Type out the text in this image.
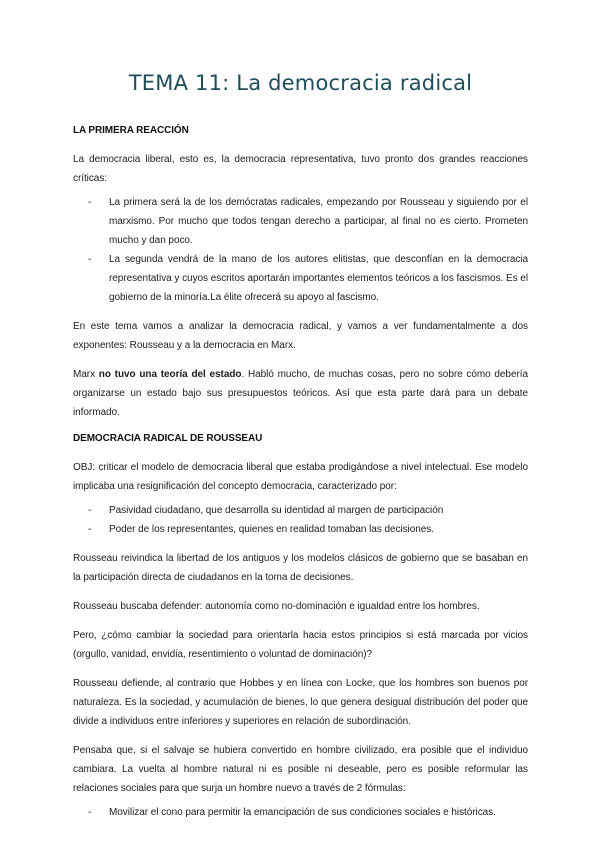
TEMA 11: La democracia radical
LA PRIMERA REACCIÓN

La democracia liberal, esto es, la democracia representativa, tuvo pronto dos grandes reacciones críticas:

- La primera será la de los demócratas radicales, empezando por Rousseau y siguiendo por el marxismo. Por mucho que todos tengan derecho a participar, al final no es cierto. Prometen mucho y dan poco.
- La segunda vendrá de la mano de los autores elitistas, que desconfían en la democracia representativa y cuyos escritos aportarán importantes elementos teóricos a los fascismos. Es el gobierno de la minoría.La élite ofrecerá su apoyo al fascismo.

En este tema vamos a analizar la democracia radical, y vamos a ver fundamentalmente a dos exponentes: Rousseau y a la democracia en Marx.

Marx no tuvo una teoría del estado. Habló mucho, de muchas cosas, pero no sobre cómo debería organizarse un estado bajo sus presupuestos teóricos. Así que esta parte dará para un debate informado.

DEMOCRACIA RADICAL DE ROUSSEAU

OBJ: criticar el modelo de democracia liberal que estaba prodigándose a nivel intelectual. Ese modelo implicaba una resignificación del concepto democracia, caracterizado por:

- Pasividad ciudadano, que desarrolla su identidad al margen de participación
- Poder de los representantes, quienes en realidad tomaban las decisiones.

Rousseau reivindica la libertad de los antiguos y los modelos clásicos de gobierno que se basaban en la participación directa de ciudadanos en la toma de decisiones.

Rousseau buscaba defender: autonomía como no-dominación e igualdad entre los hombres.

Pero, ¿cómo cambiar la sociedad para orientarla hacia estos principios si está marcada por vicios (orgullo, vanidad, envidia, resentimiento o voluntad de dominación)?

Rousseau defiende, al contrario que Hobbes y en línea con Locke, que los hombres son buenos por naturaleza. Es la sociedad, y acumulación de bienes, lo que genera desigual distribución del poder que divide a individuos entre inferiores y superiores en relación de subordinación.

Pensaba que, si el salvaje se hubiera convertido en hombre civilizado, era posible que el individuo cambiara. La vuelta al hombre natural ni es posible ni deseable, pero es posible reformular las relaciones sociales para que surja un hombre nuevo a través de 2 fórmulas:

- Movilizar el cono para permitir la emancipación de sus condiciones sociales e históricas.
